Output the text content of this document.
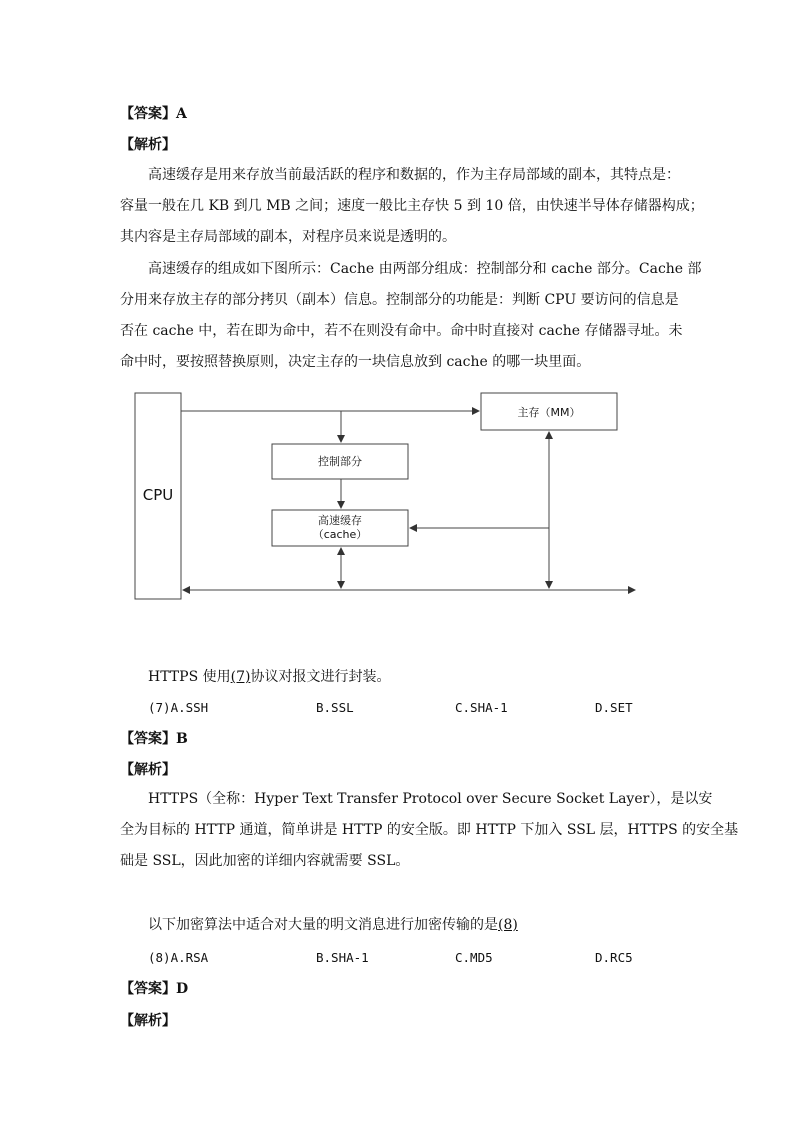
【答案】A
【解析】
高速缓存是用来存放当前最活跃的程序和数据的，作为主存局部域的副本，其特点是：
容量一般在几 KB 到几 MB 之间；速度一般比主存快 5 到 10 倍，由快速半导体存储器构成；
其内容是主存局部域的副本，对程序员来说是透明的。
高速缓存的组成如下图所示：Cache 由两部分组成：控制部分和 cache 部分。Cache 部
分用来存放主存的部分拷贝（副本）信息。控制部分的功能是：判断 CPU 要访问的信息是
否在 cache 中，若在即为命中，若不在则没有命中。命中时直接对 cache 存储器寻址。未
命中时，要按照替换原则，决定主存的一块信息放到 cache 的哪一块里面。
CPU
主存（MM）
控制部分
高速缓存
（cache）
HTTPS 使用(7)协议对报文进行封装。
(7)A.SSH	B.SSL	C.SHA-1	D.SET
【答案】B
【解析】
HTTPS（全称：Hyper Text Transfer Protocol over Secure Socket Layer），是以安
全为目标的 HTTP 通道，简单讲是 HTTP 的安全版。即 HTTP 下加入 SSL 层，HTTPS 的安全基
础是 SSL，因此加密的详细内容就需要 SSL。
以下加密算法中适合对大量的明文消息进行加密传输的是(8)
(8)A.RSA	B.SHA-1	C.MD5	D.RC5
【答案】D
【解析】
